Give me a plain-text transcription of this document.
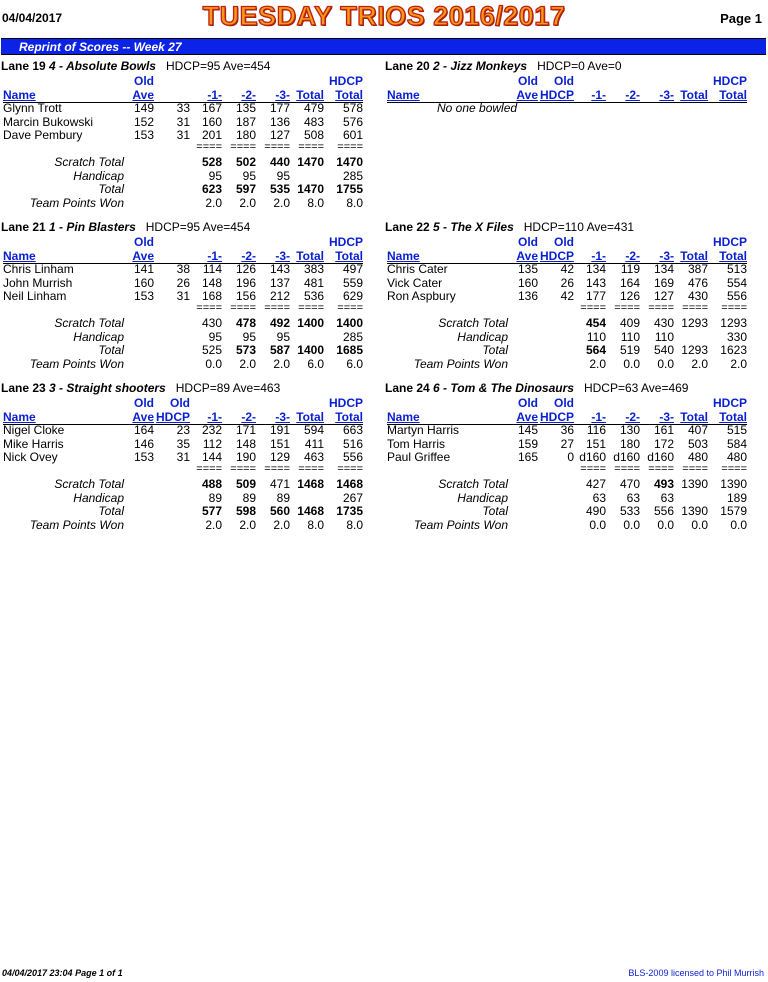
04/04/2017	TUESDAY TRIOS 2016/2017	Page 1
Reprint of Scores -- Week 27
Lane 19 4 - Absolute Bowls HDCP=95 Ave=454
Old	HDCP
Name	Ave	-1- -2- -3- Total Total
Glynn Trott	149 33 167 135 177 479 578
Marcin Bukowski	152 31 160 187 136 483 576
Dave Pembury	153 31 201 180 127 508 601
==== ==== ==== ==== ====
Scratch Total	528 502 440 1470 1470
Handicap	95 95 95	285
Total	623 597 535 1470 1755
Team Points Won	2.0 2.0 2.0 8.0 8.0
Lane 20 2 - Jizz Monkeys HDCP=0 Ave=0
Old Old	HDCP
Name	Ave HDCP -1- -2- -3- Total Total
No one bowled
Lane 21 1 - Pin Blasters HDCP=95 Ave=454
Old	HDCP
Name	Ave	-1- -2- -3- Total Total
Chris Linham	141 38 114 126 143 383 497
John Murrish	160 26 148 196 137 481 559
Neil Linham	153 31 168 156 212 536 629
==== ==== ==== ==== ====
Scratch Total	430 478 492 1400 1400
Handicap	95 95 95	285
Total	525 573 587 1400 1685
Team Points Won	0.0 2.0 2.0 6.0 6.0
Lane 22 5 - The X Files HDCP=110 Ave=431
Old Old	HDCP
Name	Ave HDCP -1- -2- -3- Total Total
Chris Cater	135 42 134 119 134 387 513
Vick Cater	160 26 143 164 169 476 554
Ron Aspbury	136 42 177 126 127 430 556
==== ==== ==== ==== ====
Scratch Total	454 409 430 1293 1293
Handicap	110 110 110	330
Total	564 519 540 1293 1623
Team Points Won	2.0 0.0 0.0 2.0 2.0
Lane 23 3 - Straight shooters HDCP=89 Ave=463
Old Old	HDCP
Name	Ave HDCP -1- -2- -3- Total Total
Nigel Cloke	164 23 232 171 191 594 663
Mike Harris	146 35 112 148 151 411 516
Nick Ovey	153 31 144 190 129 463 556
==== ==== ==== ==== ====
Scratch Total	488 509 471 1468 1468
Handicap	89 89 89	267
Total	577 598 560 1468 1735
Team Points Won	2.0 2.0 2.0 8.0 8.0
Lane 24 6 - Tom & The Dinosaurs HDCP=63 Ave=469
Old Old	HDCP
Name	Ave HDCP -1- -2- -3- Total Total
Martyn Harris	145 36 116 130 161 407 515
Tom Harris	159 27 151 180 172 503 584
Paul Griffee	165 0 d160 d160 d160 480 480
==== ==== ==== ==== ====
Scratch Total	427 470 493 1390 1390
Handicap	63 63 63	189
Total	490 533 556 1390 1579
Team Points Won	0.0 0.0 0.0 0.0 0.0
04/04/2017 23:04 Page 1 of 1	BLS-2009 licensed to Phil Murrish
